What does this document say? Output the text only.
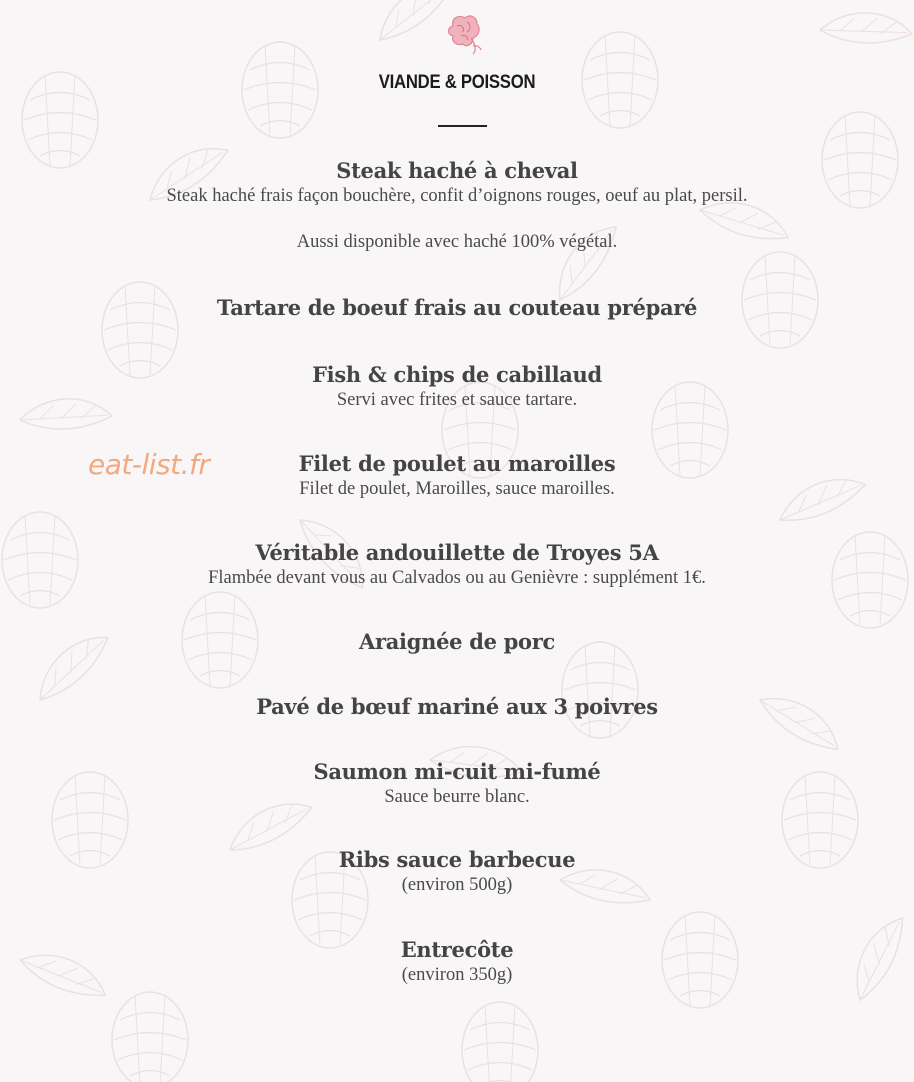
VIANDE & POISSON
eat-list.fr
Steak haché à cheval
Steak haché frais façon bouchère, confit d’oignons rouges, oeuf au plat, persil.
Aussi disponible avec haché 100% végétal.
Tartare de boeuf frais au couteau préparé
Fish & chips de cabillaud
Servi avec frites et sauce tartare.
Filet de poulet au maroilles
Filet de poulet, Maroilles, sauce maroilles.
Véritable andouillette de Troyes 5A
Flambée devant vous au Calvados ou au Genièvre : supplément 1€.
Araignée de porc
Pavé de bœuf mariné aux 3 poivres
Saumon mi-cuit mi-fumé
Sauce beurre blanc.
Ribs sauce barbecue
(environ 500g)
Entrecôte
(environ 350g)
